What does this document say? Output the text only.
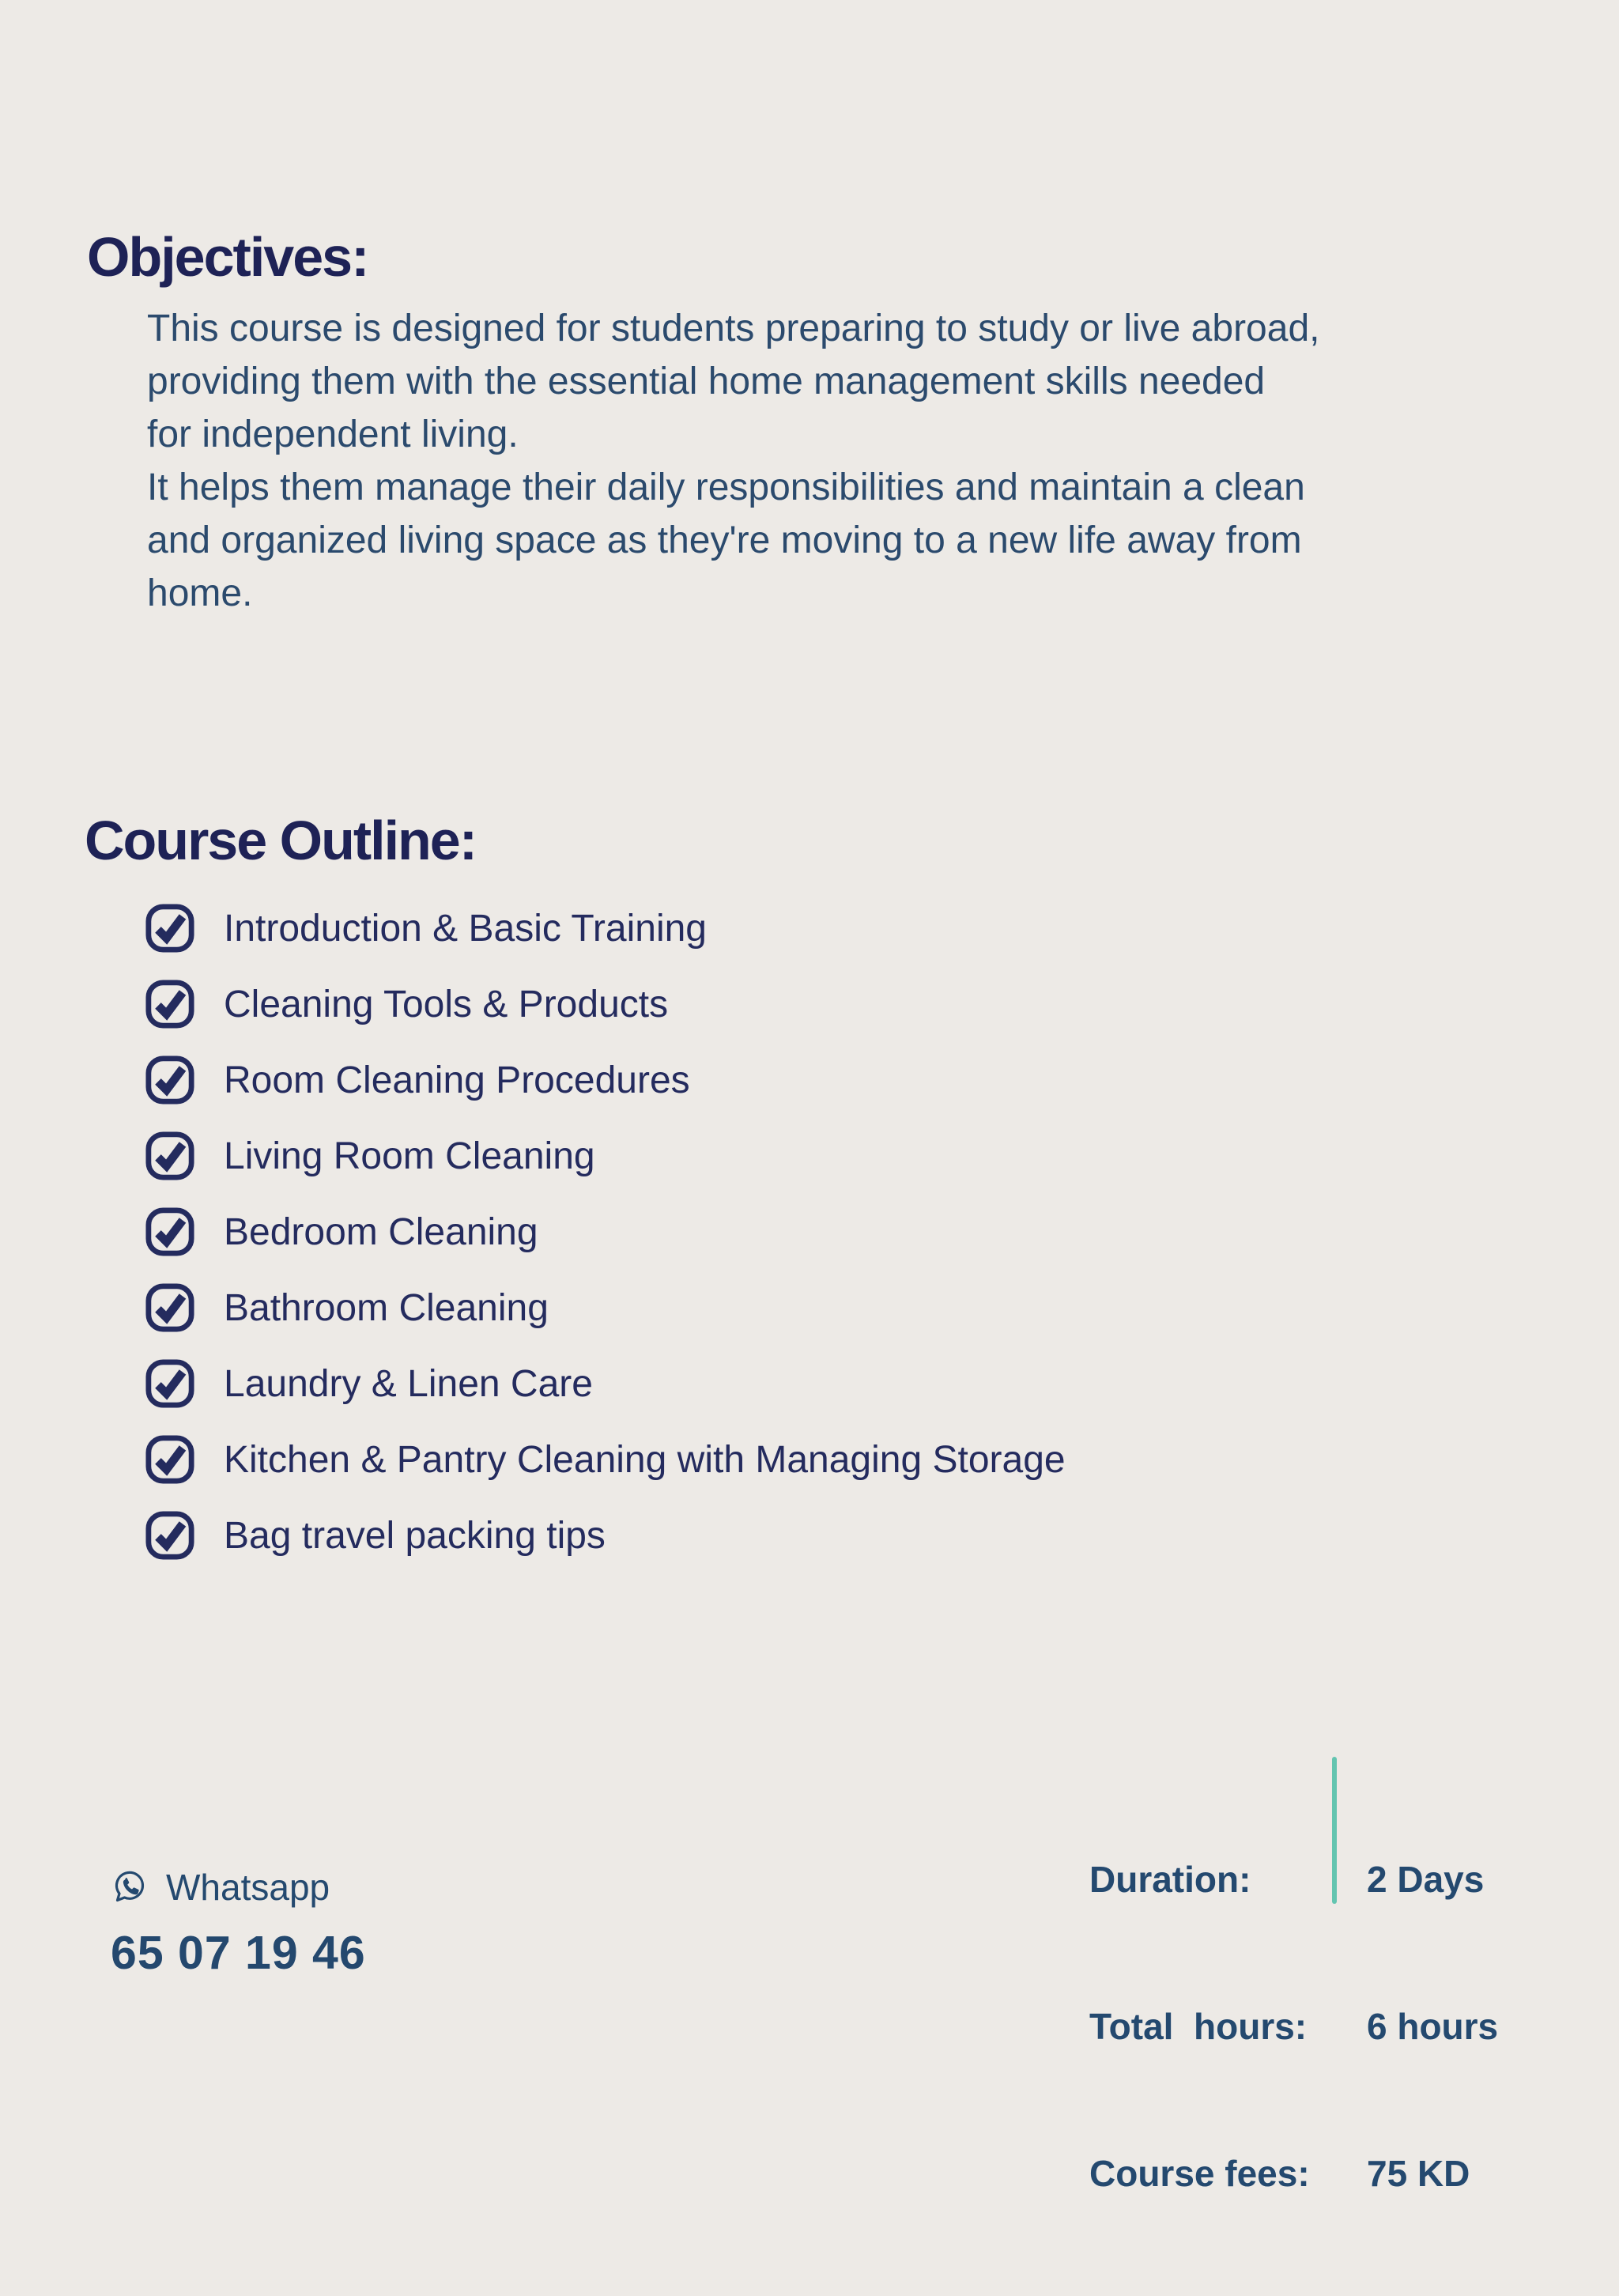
Objectives:
This course is designed for students preparing to study or live abroad,
providing them with the essential home management skills needed
for independent living.
It helps them manage their daily responsibilities and maintain a clean
and organized living space as they're moving to a new life away from
home.
Course Outline:
Introduction & Basic Training
Cleaning Tools & Products
Room Cleaning Procedures
Living Room Cleaning
Bedroom Cleaning
Bathroom Cleaning
Laundry & Linen Care
Kitchen & Pantry Cleaning with Managing Storage
Bag travel packing tips

Duration:

Total  hours:

Course fees:

2 Days

6 hours

75 KD

Whatsapp
65 07 19 46
